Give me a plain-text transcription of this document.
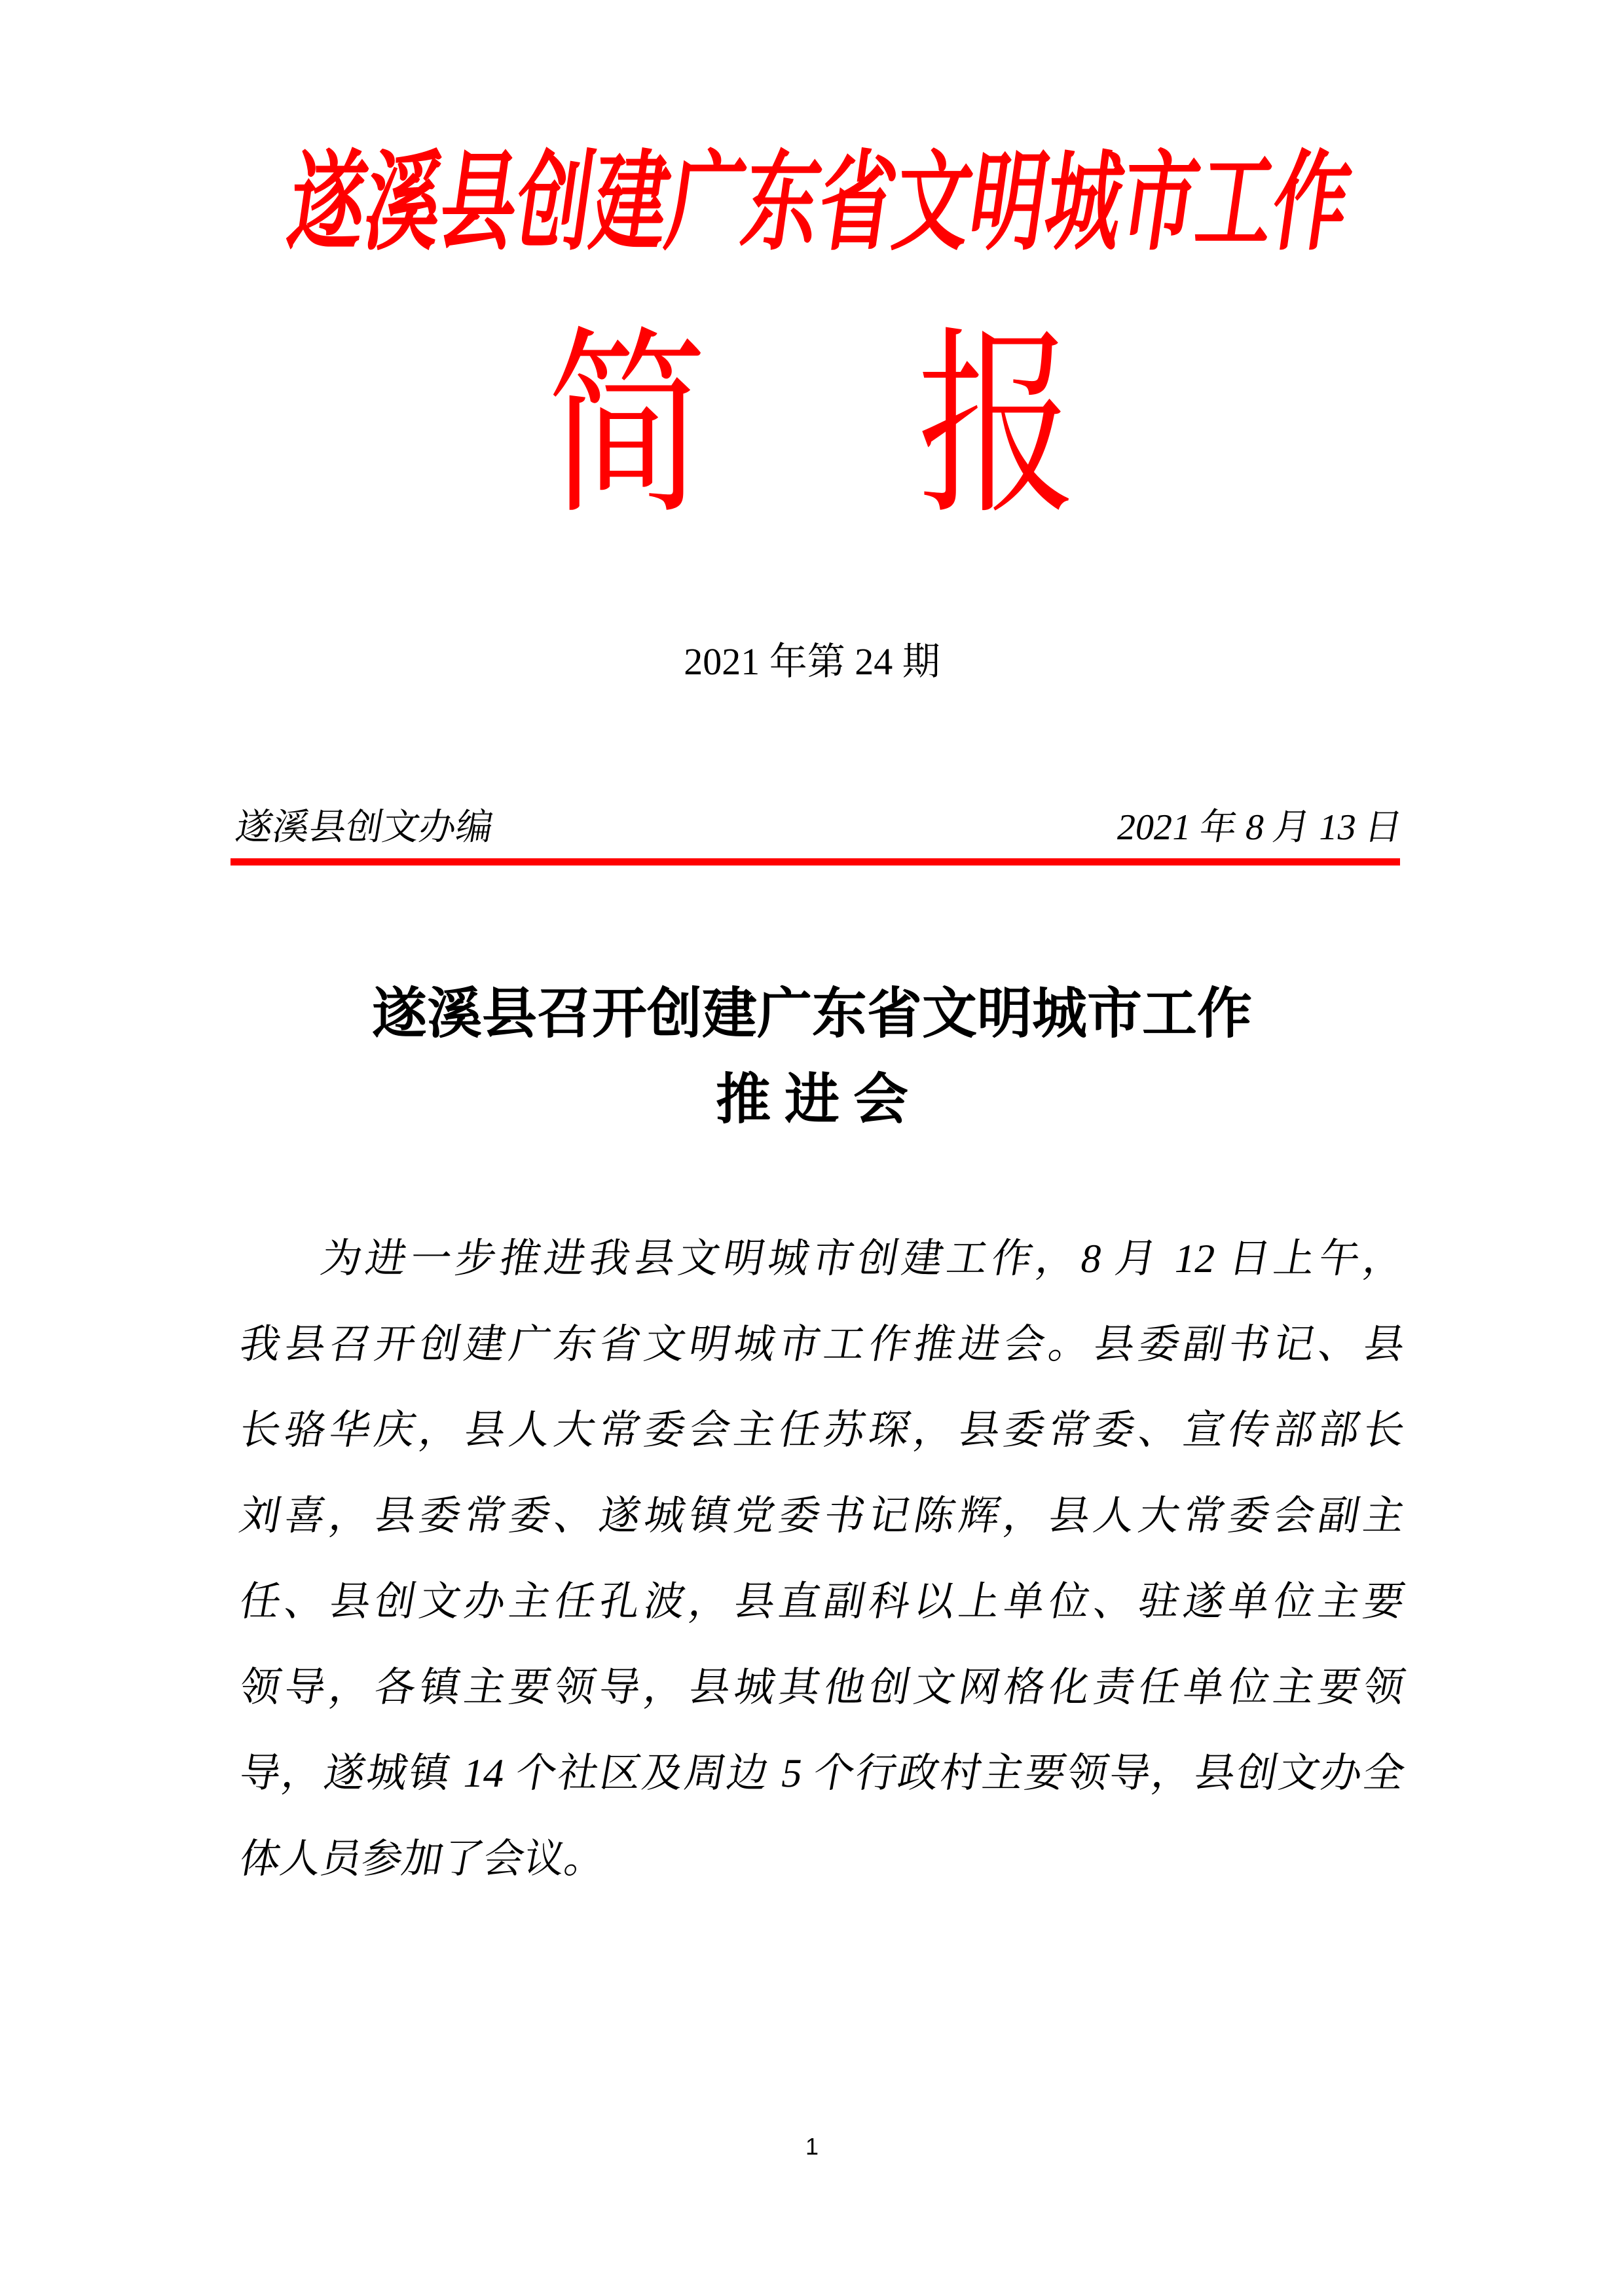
遂溪县创建广东省文明城市工作
简 报
2021 年第 24 期
遂溪县创文办编	2021 年 8 月 13 日
遂溪县召开创建广东省文明城市工作
推 进 会
为进一步推进我县文明城市创建工作，8 月 12 日上午，
我县召开创建广东省文明城市工作推进会。县委副书记、县
长骆华庆，县人大常委会主任苏琛，县委常委、宣传部部长
刘喜，县委常委、遂城镇党委书记陈辉，县人大常委会副主
任、县创文办主任孔波，县直副科以上单位、驻遂单位主要
领导，各镇主要领导，县城其他创文网格化责任单位主要领
导，遂城镇 14 个社区及周边 5 个行政村主要领导，县创文办全
体人员参加了会议。
1
